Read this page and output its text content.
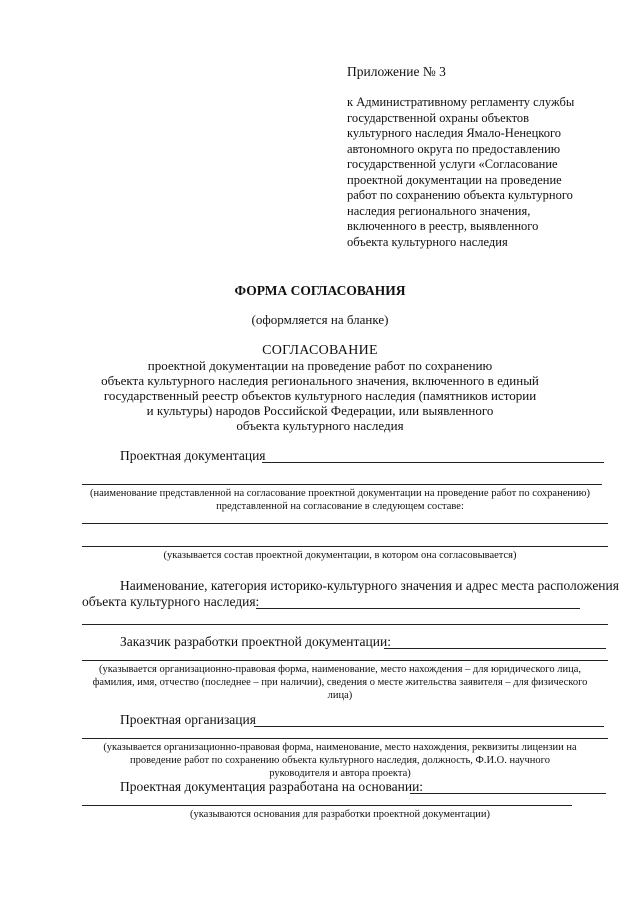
Приложение № 3
к Административному регламенту службы
государственной охраны объектов
культурного наследия Ямало-Ненецкого
автономного округа по предоставлению
государственной услуги «Согласование
проектной документации на проведение
работ по сохранению объекта культурного
наследия регионального значения,
включенного в реестр, выявленного
объекта культурного наследия
ФОРМА СОГЛАСОВАНИЯ
(оформляется на бланке)
СОГЛАСОВАНИЕ
проектной документации на проведение работ по сохранению
объекта культурного наследия регионального значения, включенного в единый
государственный реестр объектов культурного наследия (памятников истории
и культуры) народов Российской Федерации, или выявленного
объекта культурного наследия
Проектная документация
(наименование представленной на согласование проектной документации на проведение работ по сохранению)
представленной на согласование в следующем составе:
(указывается состав проектной документации, в котором она согласовывается)
Наименование, категория историко-культурного значения и адрес места расположения
объекта культурного наследия:
Заказчик разработки проектной документации:
(указывается организационно-правовая форма, наименование, место нахождения – для юридического лица,
фамилия, имя, отчество (последнее – при наличии), сведения о месте жительства заявителя – для физического
лица)
Проектная организация
(указывается организационно-правовая форма, наименование, место нахождения, реквизиты лицензии на
проведение работ по сохранению объекта культурного наследия, должность, Ф.И.О. научного
руководителя и автора проекта)
Проектная документация разработана на основании:
(указываются основания для разработки проектной документации)
